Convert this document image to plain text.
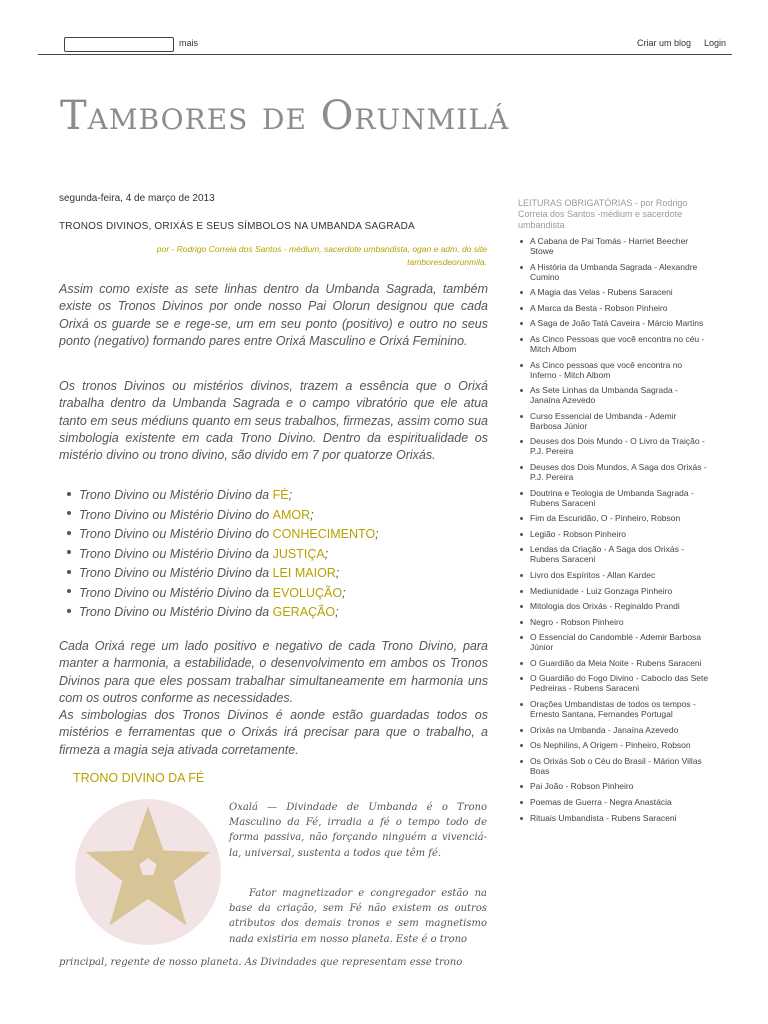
mais	Criar um blog Login
Tambores de Orunmilá
segunda-feira, 4 de março de 2013
TRONOS DIVINOS, ORIXÁS E SEUS SÍMBOLOS NA UMBANDA SAGRADA
por - Rodrigo Correia dos Santos - médium, sacerdote umbandista, ogan e adm. do site
tamboresdeorunmila.

Assim como existe as sete linhas dentro da Umbanda Sagrada, também existe os Tronos Divinos por onde nosso Pai Olorun designou que cada Orixá os guarde se e rege-se, um em seu ponto (positivo) e outro no seus ponto (negativo) formando pares entre Orixá Masculino e Orixá Feminino.

Os tronos Divinos ou mistérios divinos, trazem a essência que o Orixá trabalha dentro da Umbanda Sagrada e o campo vibratório que ele atua tanto em seus médiuns quanto em seus trabalhos, firmezas, assim como sua simbologia existente em cada Trono Divino. Dentro da espiritualidade os mistério divino ou trono divino, são divido em 7 por quatorze Orixás.

Trono Divino ou Mistério Divino da FÉ;
Trono Divino ou Mistério Divino do AMOR;
Trono Divino ou Mistério Divino do CONHECIMENTO;
Trono Divino ou Mistério Divino da JUSTIÇA;
Trono Divino ou Mistério Divino da LEI MAIOR;
Trono Divino ou Mistério Divino da EVOLUÇÃO;
Trono Divino ou Mistério Divino da GERAÇÃO;

Cada Orixá rege um lado positivo e negativo de cada Trono Divino, para manter a harmonia, a estabilidade, o desenvolvimento em ambos os Tronos Divinos para que eles possam trabalhar simultaneamente em harmonia uns com os outros conforme as necessidades.
As simbologias dos Tronos Divinos é aonde estão guardadas todos os mistérios e ferramentas que o Orixás irá precisar para que o trabalho, a firmeza a magia seja ativada corretamente.

TRONO DIVINO DA FÉ

Oxalá — Divindade de Umbanda é o Trono Masculino da Fé, irradia a fé o tempo todo de forma passiva, não forçando ninguém a vivenciá-la, universal, sustenta a todos que têm fé.

Fator magnetizador e congregador estão na base da criação, sem Fé não existem os outros atributos dos demais tronos e sem magnetismo nada existiria em nosso planeta. Este é o trono

principal, regente de nosso planeta. As Divindades que representam esse trono

LEITURAS OBRIGATÓRIAS - por Rodrigo Correia dos Santos -médium e sacerdote umbandista
A Cabana de Pai Tomás - Harriet Beecher Stowe
A História da Umbanda Sagrada - Alexandre Cumino
A Magia das Velas - Rubens Saraceni
A Marca da Besta - Robson Pinheiro
A Saga de João Tatá Caveira - Márcio Martins
As Cinco Pessoas que você encontra no céu - Mitch Albom
As Cinco pessoas que você encontra no Inferno - Mitch Albom
As Sete Linhas da Umbanda Sagrada - Janaína Azevedo
Curso Essencial de Umbanda - Ademir Barbosa Júnior
Deuses dos Dois Mundo - O Livro da Traição - P.J. Pereira
Deuses dos Dois Mundos, A Saga dos Orixás - P.J. Pereira
Doutrina e Teologia de Umbanda Sagrada - Rubens Saraceni
Fim da Escuridão, O - Pinheiro, Robson
Legião - Robson Pinheiro
Lendas da Criação - A Saga dos Orixás - Rubens Saraceni
Livro dos Espíritos - Allan Kardec
Mediunidade - Luiz Gonzaga Pinheiro
Mitologia dos Orixás - Reginaldo Prandi
Negro - Robson Pinheiro
O Essencial do Candomblé - Ademir Barbosa Júnior
O Guardião da Meia Noite - Rubens Saraceni
O Guardião do Fogo Divino - Caboclo das Sete Pedreiras - Rubens Saraceni
Orações Umbandistas de todos os tempos - Ernesto Santana, Fernandes Portugal
Orixás na Umbanda - Janaína Azevedo
Os Nephilins, A Origem - Pinheiro, Robson
Os Orixás Sob o Céu do Brasil - Márion Villas Boas
Pai João - Robson Pinheiro
Poemas de Guerra - Negra Anastácia
Rituais Umbandista - Rubens Saraceni
